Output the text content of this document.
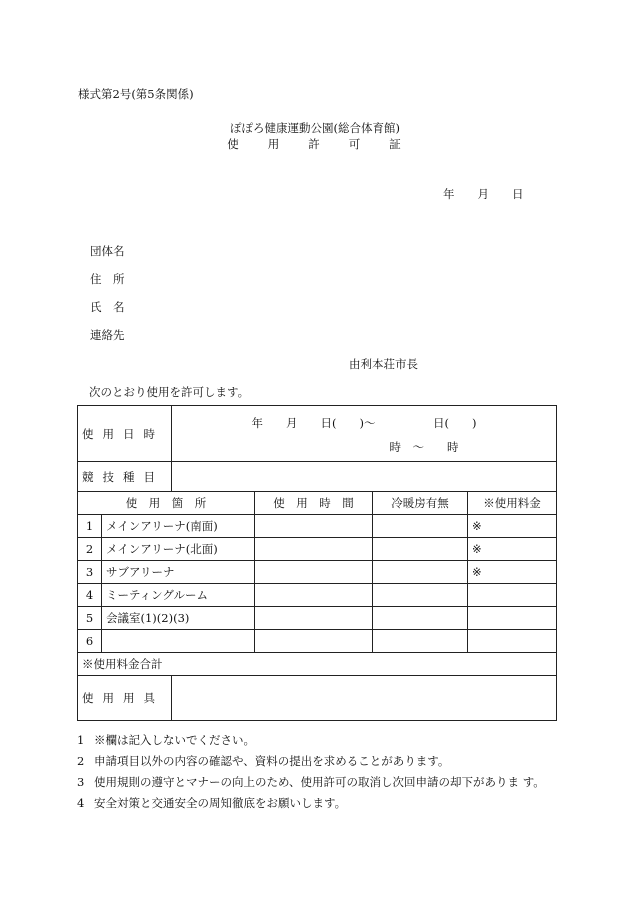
様式第2号(第5条関係)
ぽぽろ健康運動公園(総合体育館)
使　　用　　許　　可　　証
年　　月　　日
団体名
住　所
氏　名
連絡先
由利本荘市長
次のとおり使用を許可します。
使用日時		年　　月　　日(　　)〜　　　　　日(　　)
時　〜　　時			

競技種目					
使　用　箇　所			使　用　時　間	冷暖房有無	※使用料金
1	メインアリーナ(南面)				※
2	メインアリーナ(北面)				※
3	サブアリーナ				※
4	ミーティングルーム				
5	会議室(1)(2)(3)				
6					
※使用料金合計					
使用用具					
1 ※欄は記入しないでください。
2 申請項目以外の内容の確認や、資料の提出を求めることがあります。
3 使用規則の遵守とマナーの向上のため、使用許可の取消し次回申請の却下がありま す。
4 安全対策と交通安全の周知徹底をお願いします。
